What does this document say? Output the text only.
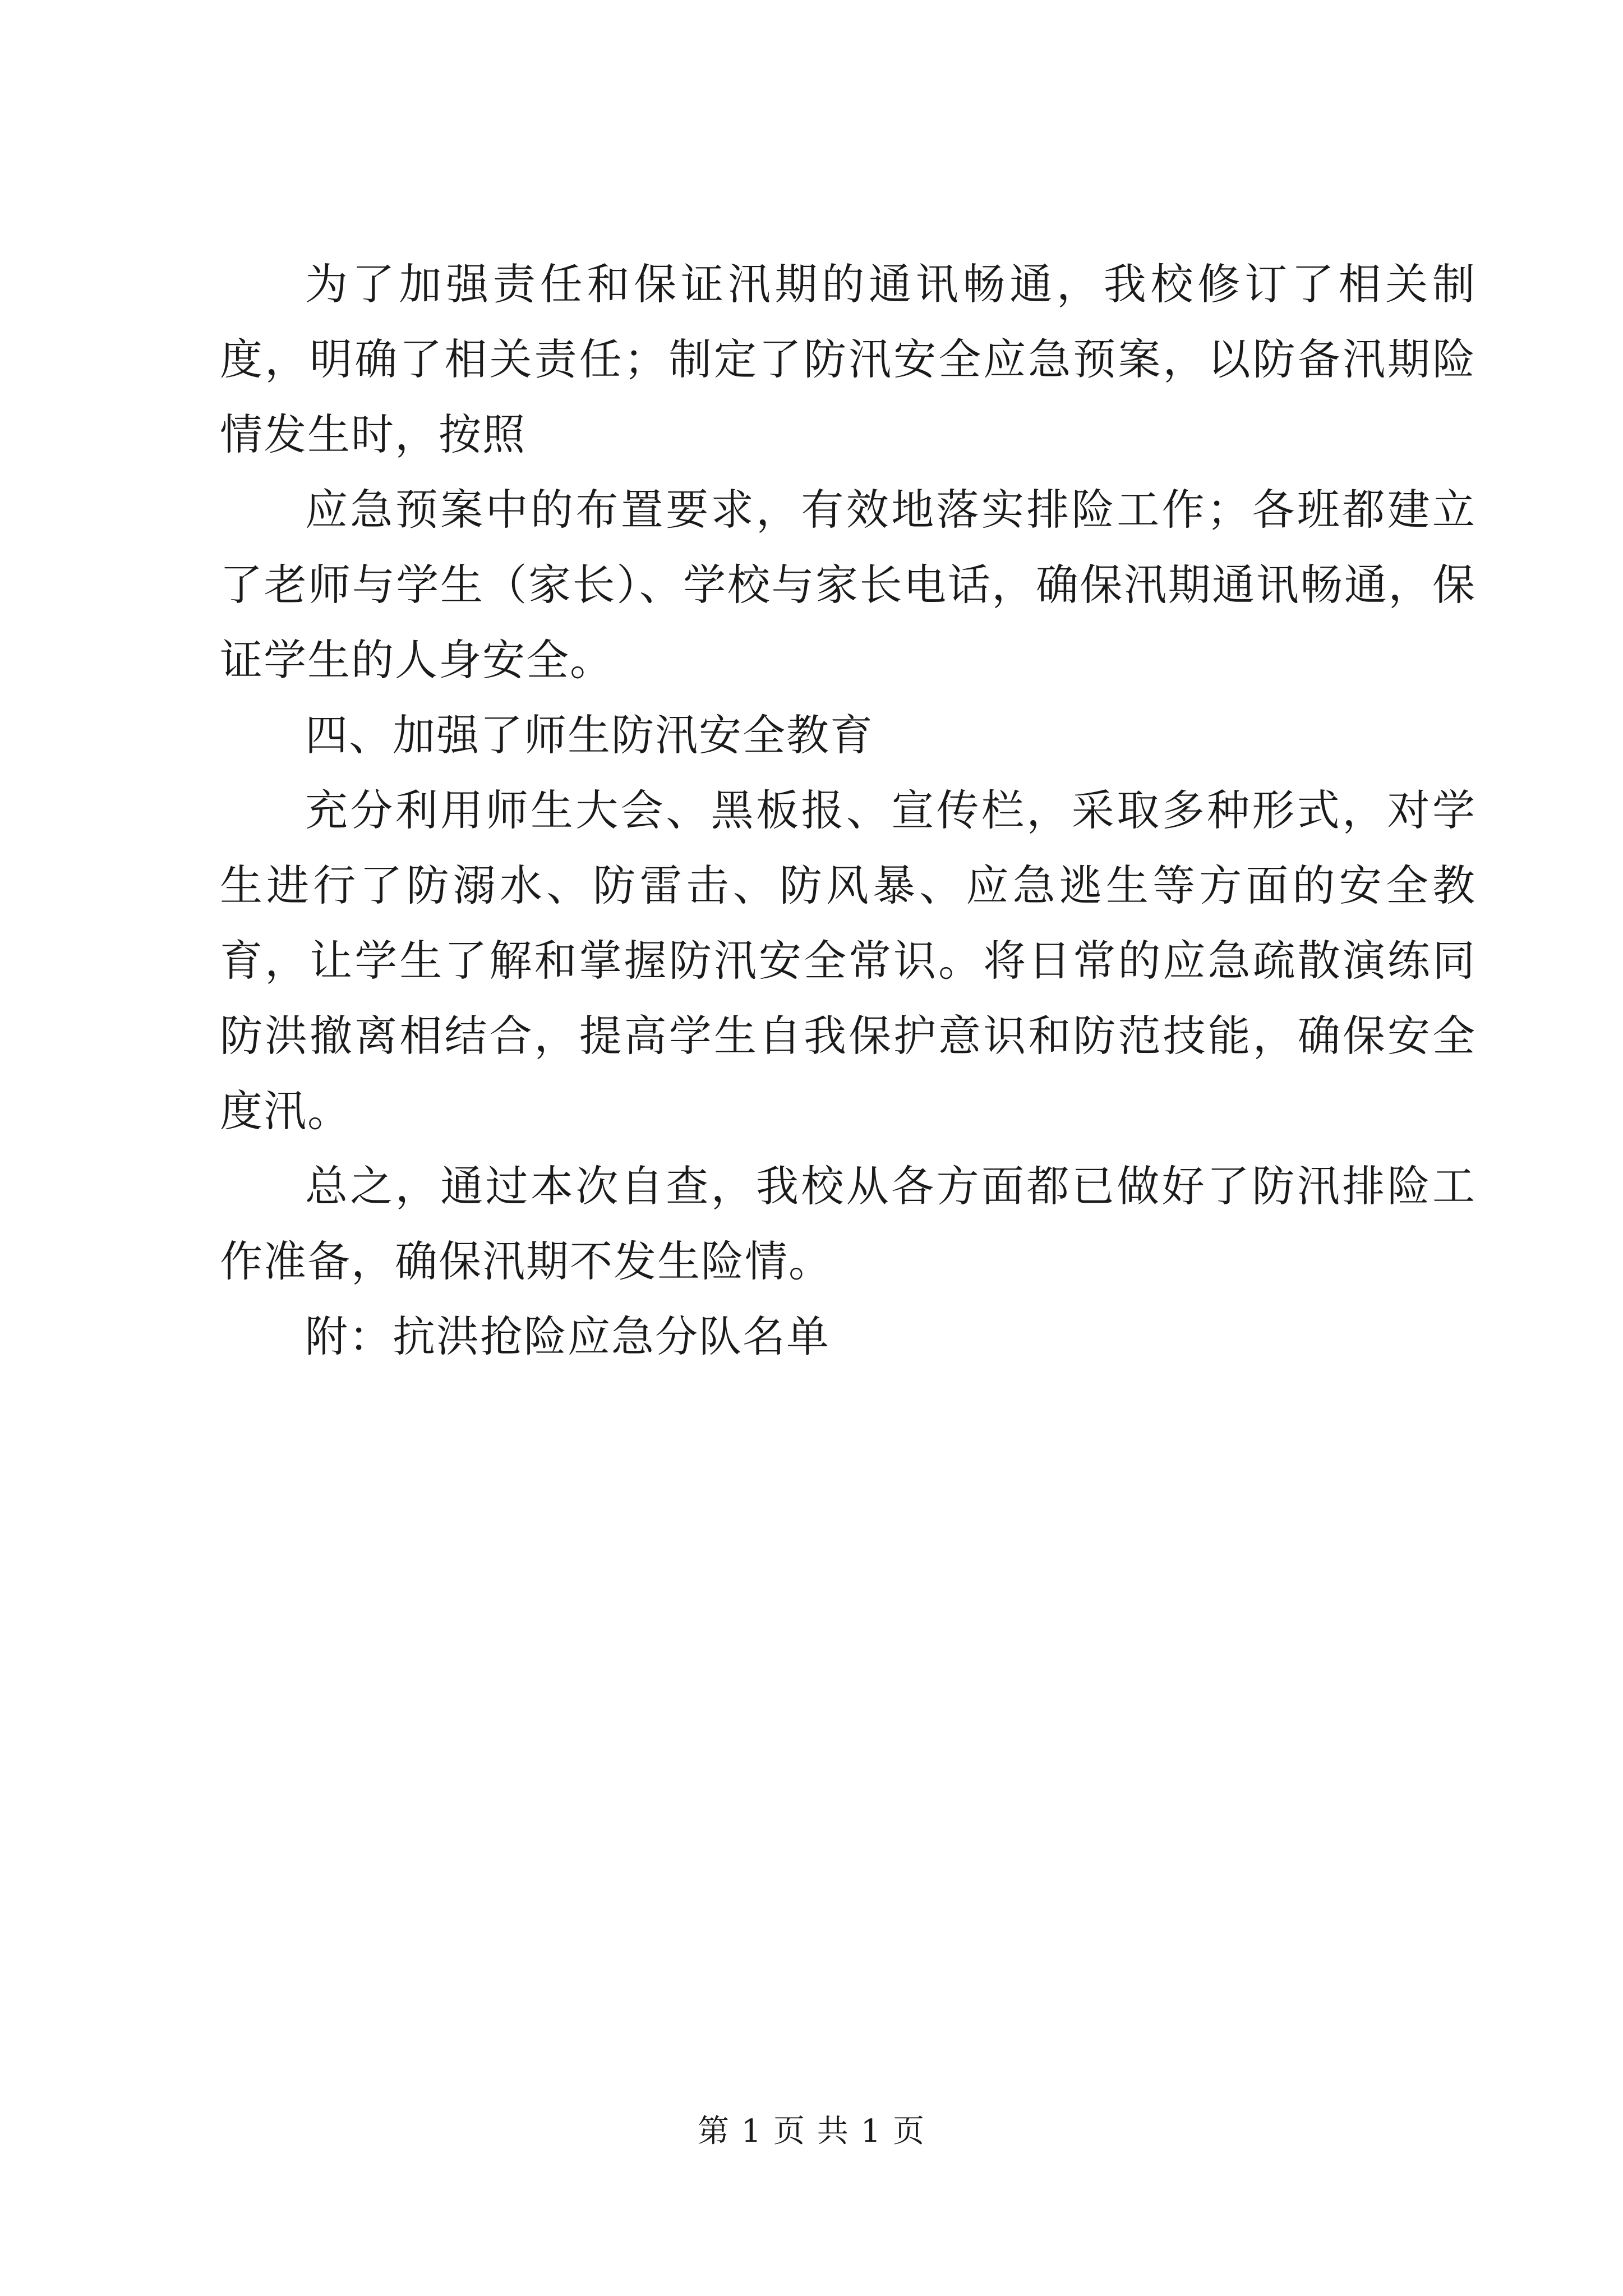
为了加强责任和保证汛期的通讯畅通，我校修订了相关制度，明确了相关责任；制定了防汛安全应急预案，以防备汛期险情发生时，按照

应急预案中的布置要求，有效地落实排险工作；各班都建立了老师与学生（家长）、学校与家长电话，确保汛期通讯畅通，保证学生的人身安全。

四、加强了师生防汛安全教育

充分利用师生大会、黑板报、宣传栏，采取多种形式，对学生进行了防溺水、防雷击、防风暴、应急逃生等方面的安全教育，让学生了解和掌握防汛安全常识。将日常的应急疏散演练同防洪撤离相结合，提高学生自我保护意识和防范技能，确保安全度汛。

总之，通过本次自查，我校从各方面都已做好了防汛排险工作准备，确保汛期不发生险情。

附：抗洪抢险应急分队名单

第 1 页 共 1 页
